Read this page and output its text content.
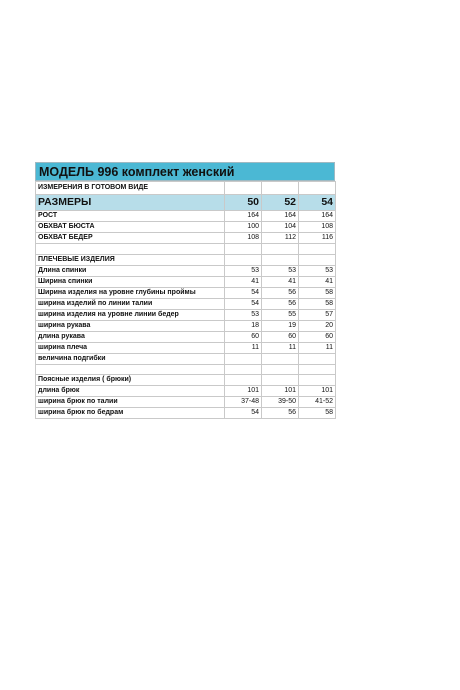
МОДЕЛЬ 996 комплект женский
ИЗМЕРЕНИЯ В ГОТОВОМ ВИДЕ			
РАЗМЕРЫ	50	52	54
РОСТ	164	164	164
ОБХВАТ БЮСТА	100	104	108
ОБХВАТ БЕДЕР	108	112	116

ПЛЕЧЕВЫЕ ИЗДЕЛИЯ			
Длина спинки	53	53	53
Ширина спинки	41	41	41
Ширина изделия на уровне глубины проймы	54	56	58
ширина изделий по линии талии	54	56	58
ширина изделия на уровне линии бедер	53	55	57
ширина рукава	18	19	20
длина рукава	60	60	60
ширина плеча	11	11	11
величина подгибки			

Поясные изделия ( брюки)			
длина брюк	101	101	101
ширина брюк по талии	37-48	39-50	41-52
ширина брюк по бедрам	54	56	58
